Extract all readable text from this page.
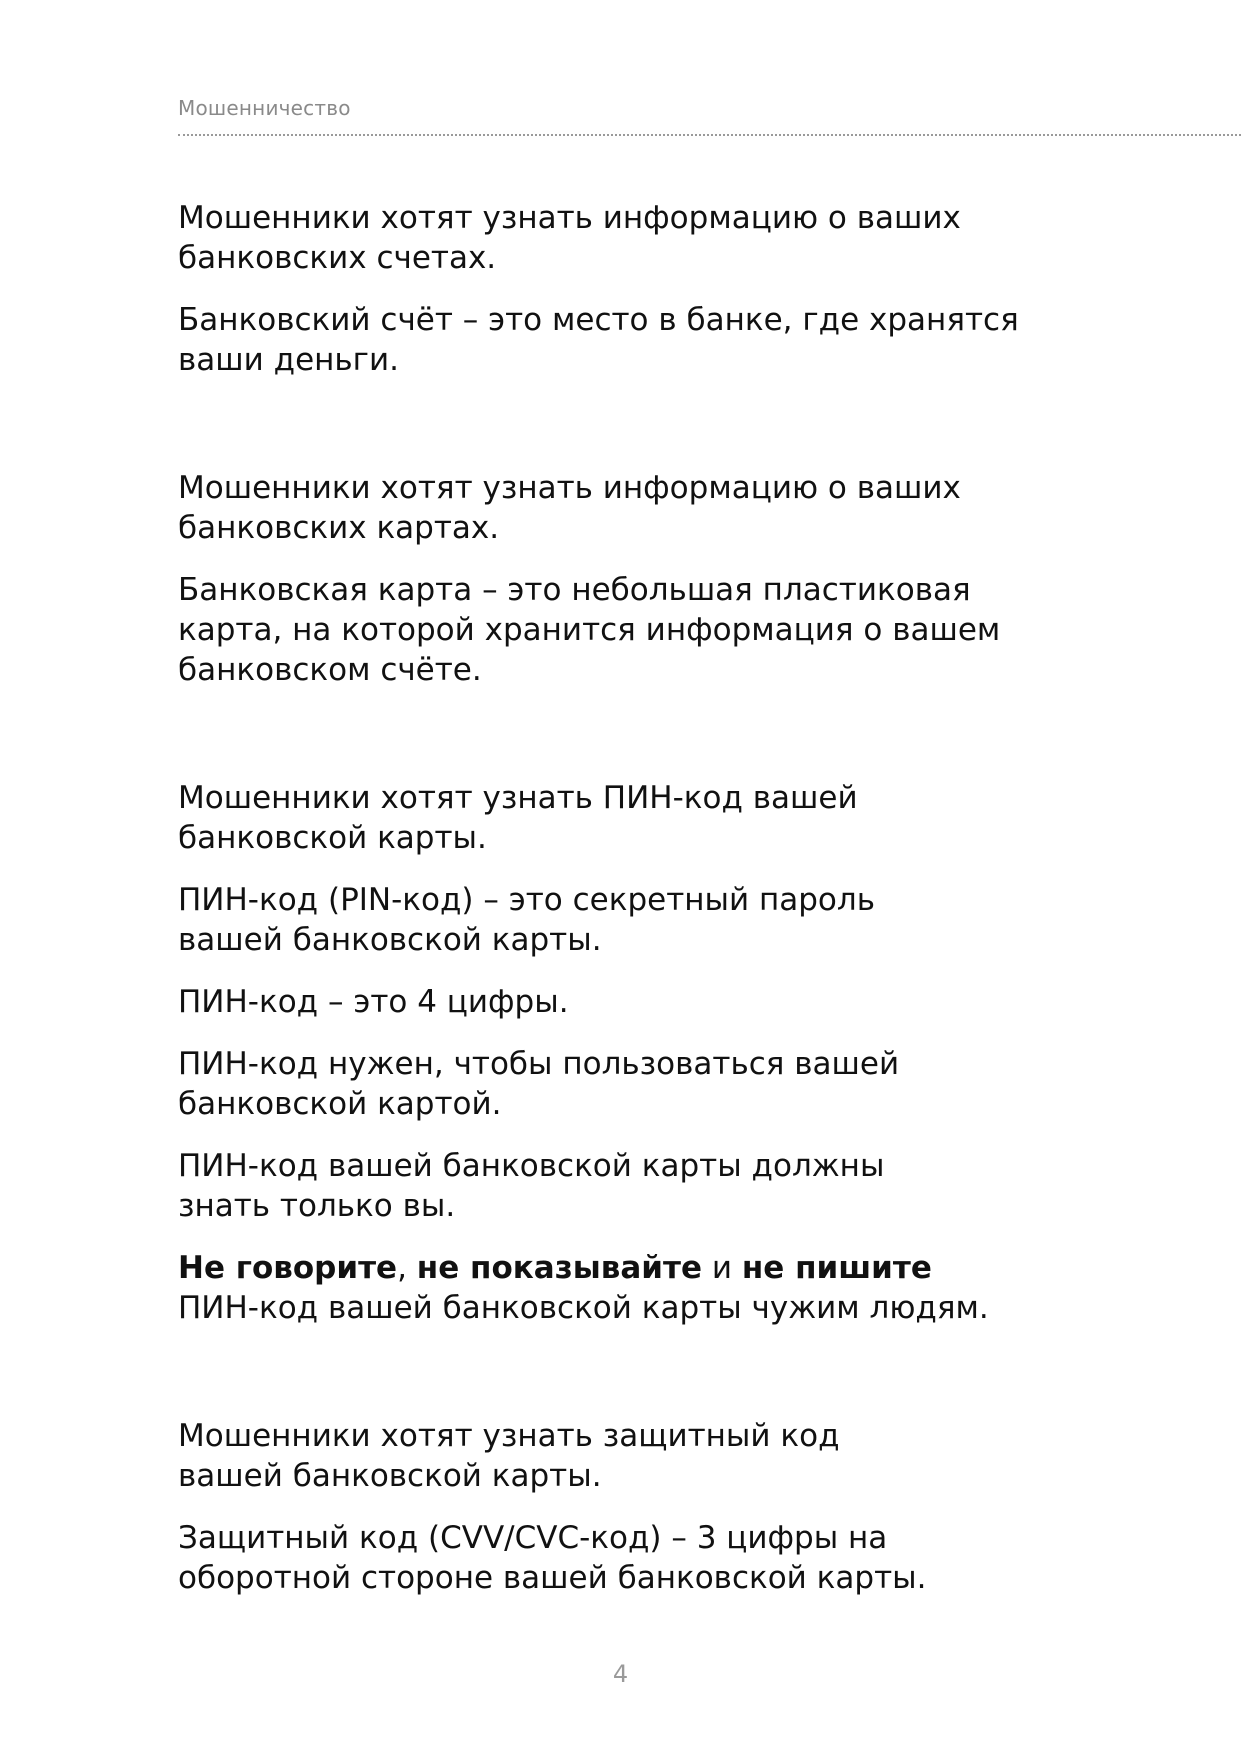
Мошенничество

Мошенники хотят узнать информацию о ваших
банковских счетах.

Банковский счёт – это место в банке, где хранятся
ваши деньги.

Мошенники хотят узнать информацию о ваших
банковских картах.

Банковская карта – это небольшая пластиковая
карта, на которой хранится информация о вашем
банковском счёте.

Мошенники хотят узнать ПИН-код вашей
банковской карты.

ПИН-код (PIN-код) – это секретный пароль
вашей банковской карты.

ПИН-код – это 4 цифры.

ПИН-код нужен, чтобы пользоваться вашей
банковской картой.

ПИН-код вашей банковской карты должны
знать только вы.

Не говорите, не показывайте и не пишите
ПИН-код вашей банковской карты чужим людям.

Мошенники хотят узнать защитный код
вашей банковской карты.

Защитный код (CVV/CVC-код) – 3 цифры на
оборотной стороне вашей банковской карты.

4
